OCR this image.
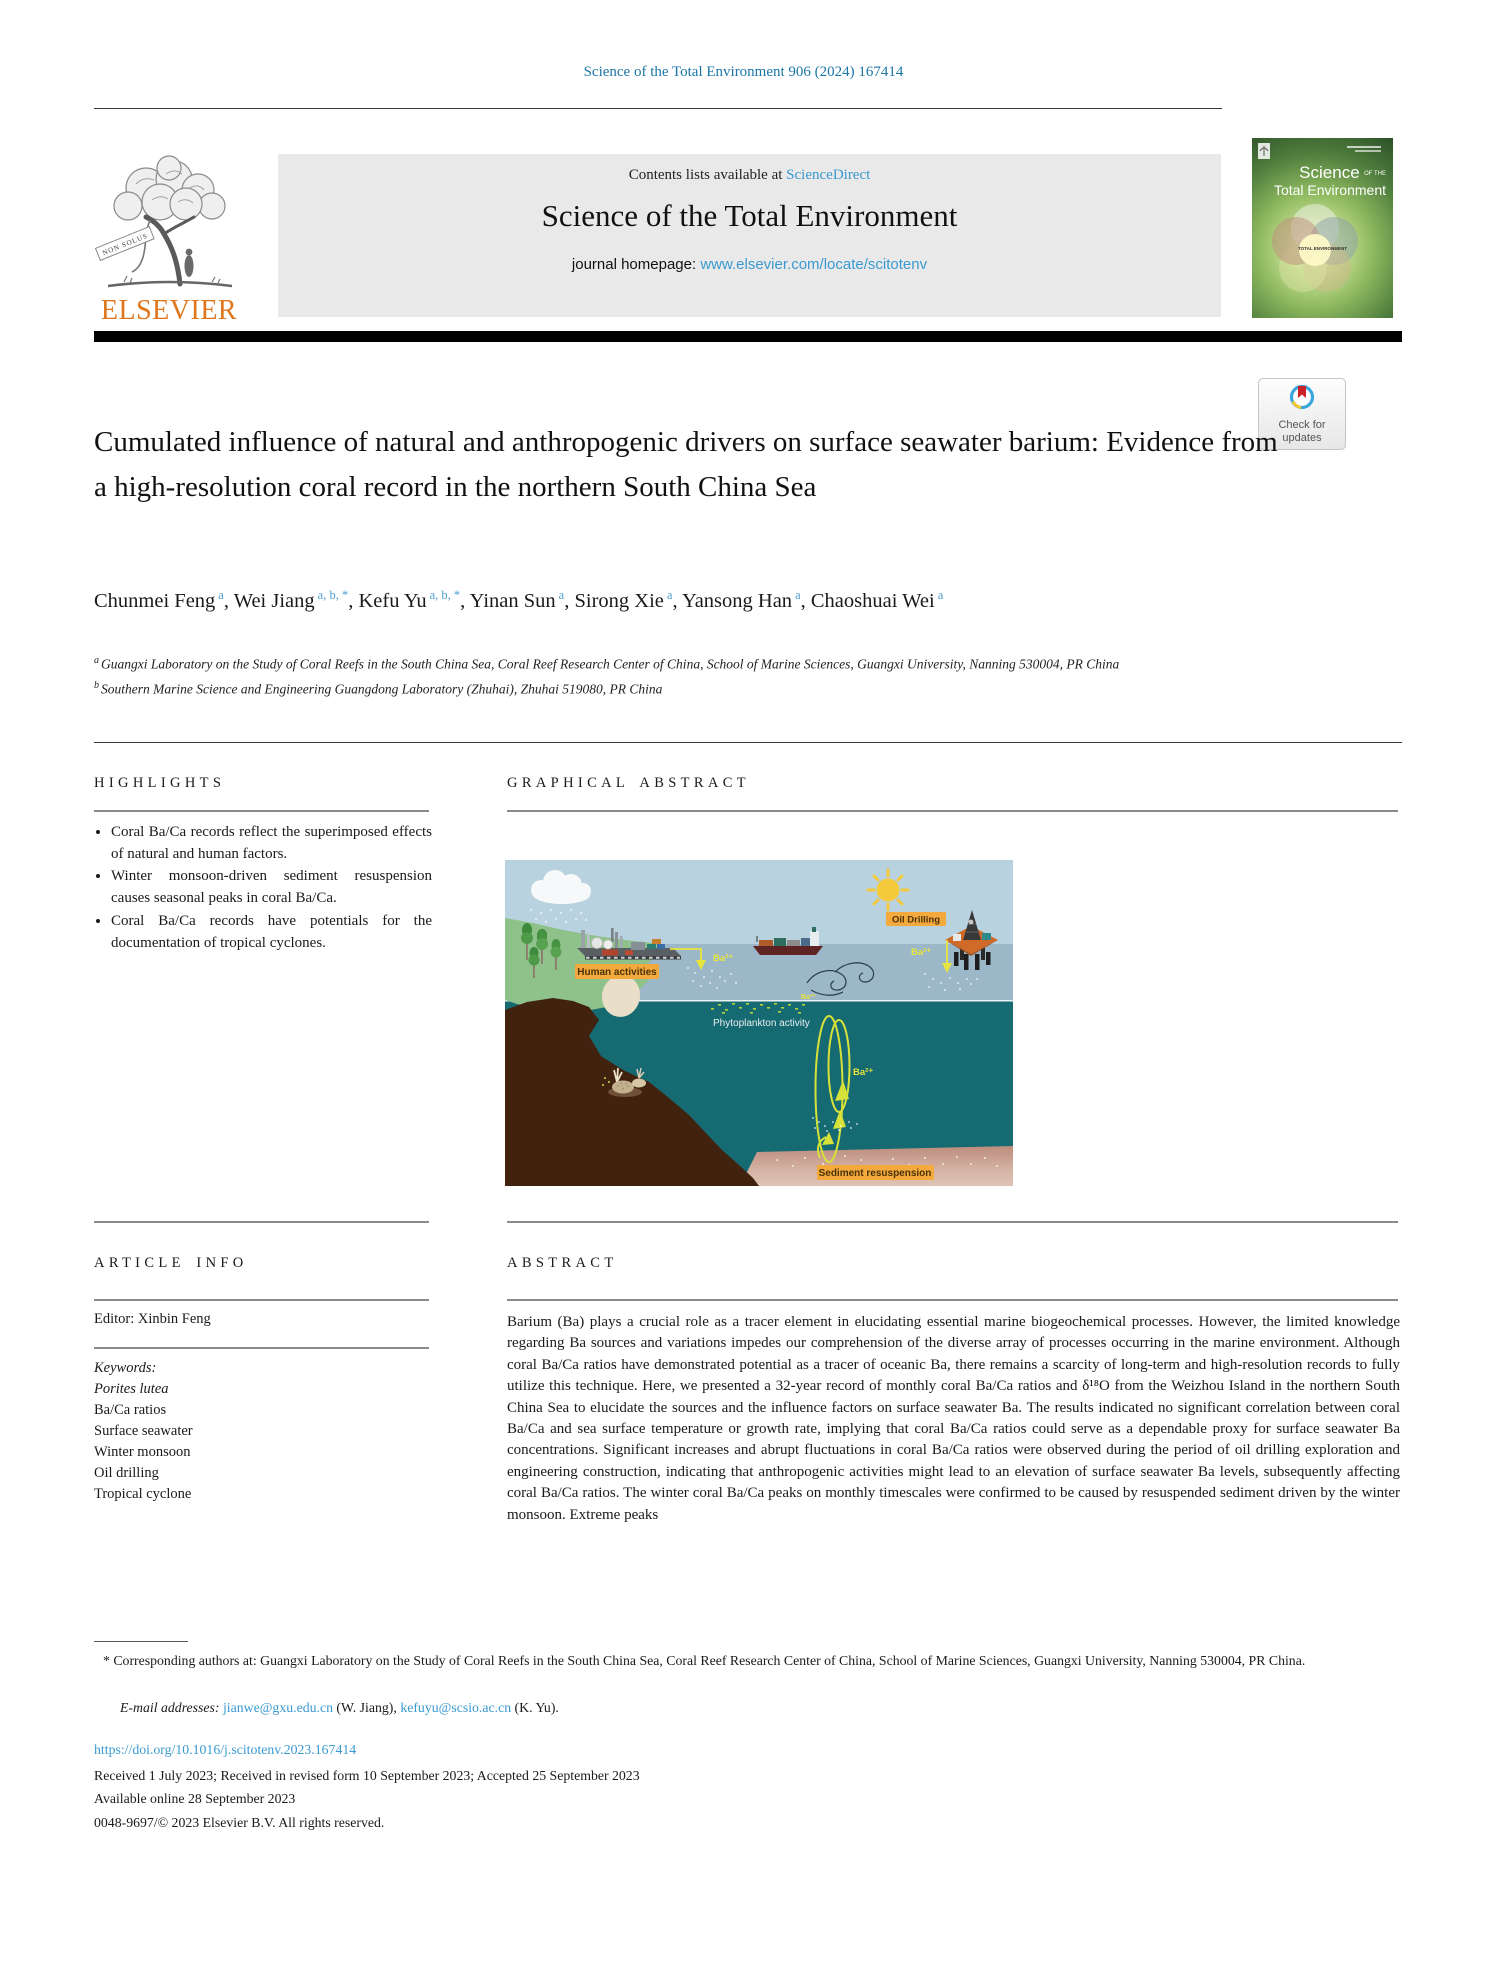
Science of the Total Environment 906 (2024) 167414
NON SOLUS
ELSEVIER
Contents lists available at ScienceDirect
Science of the Total Environment
journal homepage: www.elsevier.com/locate/scitotenv
Science OF THE
Total Environment
TOTAL ENVIRONMENT
Check for
updates
Cumulated influence of natural and anthropogenic drivers on surface seawater barium: Evidence from a high-resolution coral record in the northern South China Sea
Chunmei Feng $^a$, Wei Jiang $^{a, b, *}$, Kefu Yu $^{a, b, *}$, Yinan Sun $^a$, Sirong Xie $^a$, Yansong Han $^a$, Chaoshuai Wei $^a$
$^a$ Guangxi Laboratory on the Study of Coral Reefs in the South China Sea, Coral Reef Research Center of China, School of Marine Sciences, Guangxi University, Nanning 530004, PR China
$^b$ Southern Marine Science and Engineering Guangdong Laboratory (Zhuhai), Zhuhai 519080, PR China
HIGHLIGHTS
• Coral Ba/Ca records reflect the superimposed effects of natural and human factors.
• Winter monsoon-driven sediment resuspension causes seasonal peaks in coral Ba/Ca.
• Coral Ba/Ca records have potentials for the documentation of tropical cyclones.
GRAPHICAL ABSTRACT
Human activities
Oil Drilling
Sediment resuspension
Phytoplankton activity
Ba²⁺
Ba²⁺
Ba²⁺
Ba²⁺
ARTICLE INFO
Editor: Xinbin Feng
Keywords:
Porites lutea
Ba/Ca ratios
Surface seawater
Winter monsoon
Oil drilling
Tropical cyclone
ABSTRACT
Barium (Ba) plays a crucial role as a tracer element in elucidating essential marine biogeochemical processes. However, the limited knowledge regarding Ba sources and variations impedes our comprehension of the diverse array of processes occurring in the marine environment. Although coral Ba/Ca ratios have demonstrated potential as a tracer of oceanic Ba, there remains a scarcity of long-term and high-resolution records to fully utilize this technique. Here, we presented a 32-year record of monthly coral Ba/Ca ratios and δ¹⁸O from the Weizhou Island in the northern South China Sea to elucidate the sources and the influence factors on surface seawater Ba. The results indicated no significant correlation between coral Ba/Ca and sea surface temperature or growth rate, implying that coral Ba/Ca ratios could serve as a dependable proxy for surface seawater Ba concentrations. Significant increases and abrupt fluctuations in coral Ba/Ca ratios were observed during the period of oil drilling exploration and engineering construction, indicating that anthropogenic activities might lead to an elevation of surface seawater Ba levels, subsequently affecting coral Ba/Ca ratios. The winter coral Ba/Ca peaks on monthly timescales were confirmed to be caused by resuspended sediment driven by the winter monsoon. Extreme peaks
* Corresponding authors at: Guangxi Laboratory on the Study of Coral Reefs in the South China Sea, Coral Reef Research Center of China, School of Marine Sciences, Guangxi University, Nanning 530004, PR China.
E-mail addresses: jianwe@gxu.edu.cn (W. Jiang), kefuyu@scsio.ac.cn (K. Yu).
https://doi.org/10.1016/j.scitotenv.2023.167414
Received 1 July 2023; Received in revised form 10 September 2023; Accepted 25 September 2023
Available online 28 September 2023
0048-9697/© 2023 Elsevier B.V. All rights reserved.
